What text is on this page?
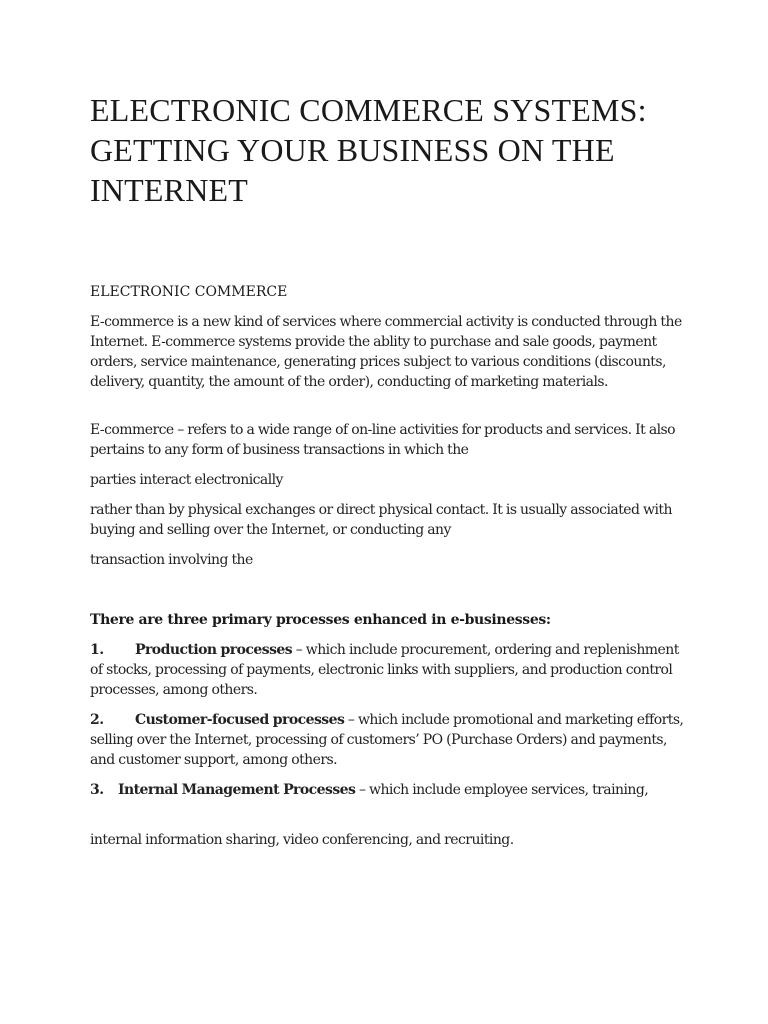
ELECTRONIC COMMERCE SYSTEMS: GETTING YOUR BUSINESS ON THE INTERNET
ELECTRONIC COMMERCE

E-commerce is a new kind of services where commercial activity is conducted through the Internet. E-commerce systems provide the ablity to purchase and sale goods, payment orders, service maintenance, generating prices subject to various conditions (discounts, delivery, quantity, the amount of the order), conducting of marketing materials.

E-commerce – refers to a wide range of on-line activities for products and services. It also pertains to any form of business transactions in which the

parties interact electronically

rather than by physical exchanges or direct physical contact. It is usually associated with buying and selling over the Internet, or conducting any

transaction involving the

There are three primary processes enhanced in e-businesses:

1. Production processes – which include procurement, ordering and replenishment of stocks, processing of payments, electronic links with suppliers, and production control processes, among others.

2. Customer-focused processes – which include promotional and marketing efforts, selling over the Internet, processing of customers’ PO (Purchase Orders) and payments, and customer support, among others.

3. Internal Management Processes – which include employee services, training,

internal information sharing, video conferencing, and recruiting.
